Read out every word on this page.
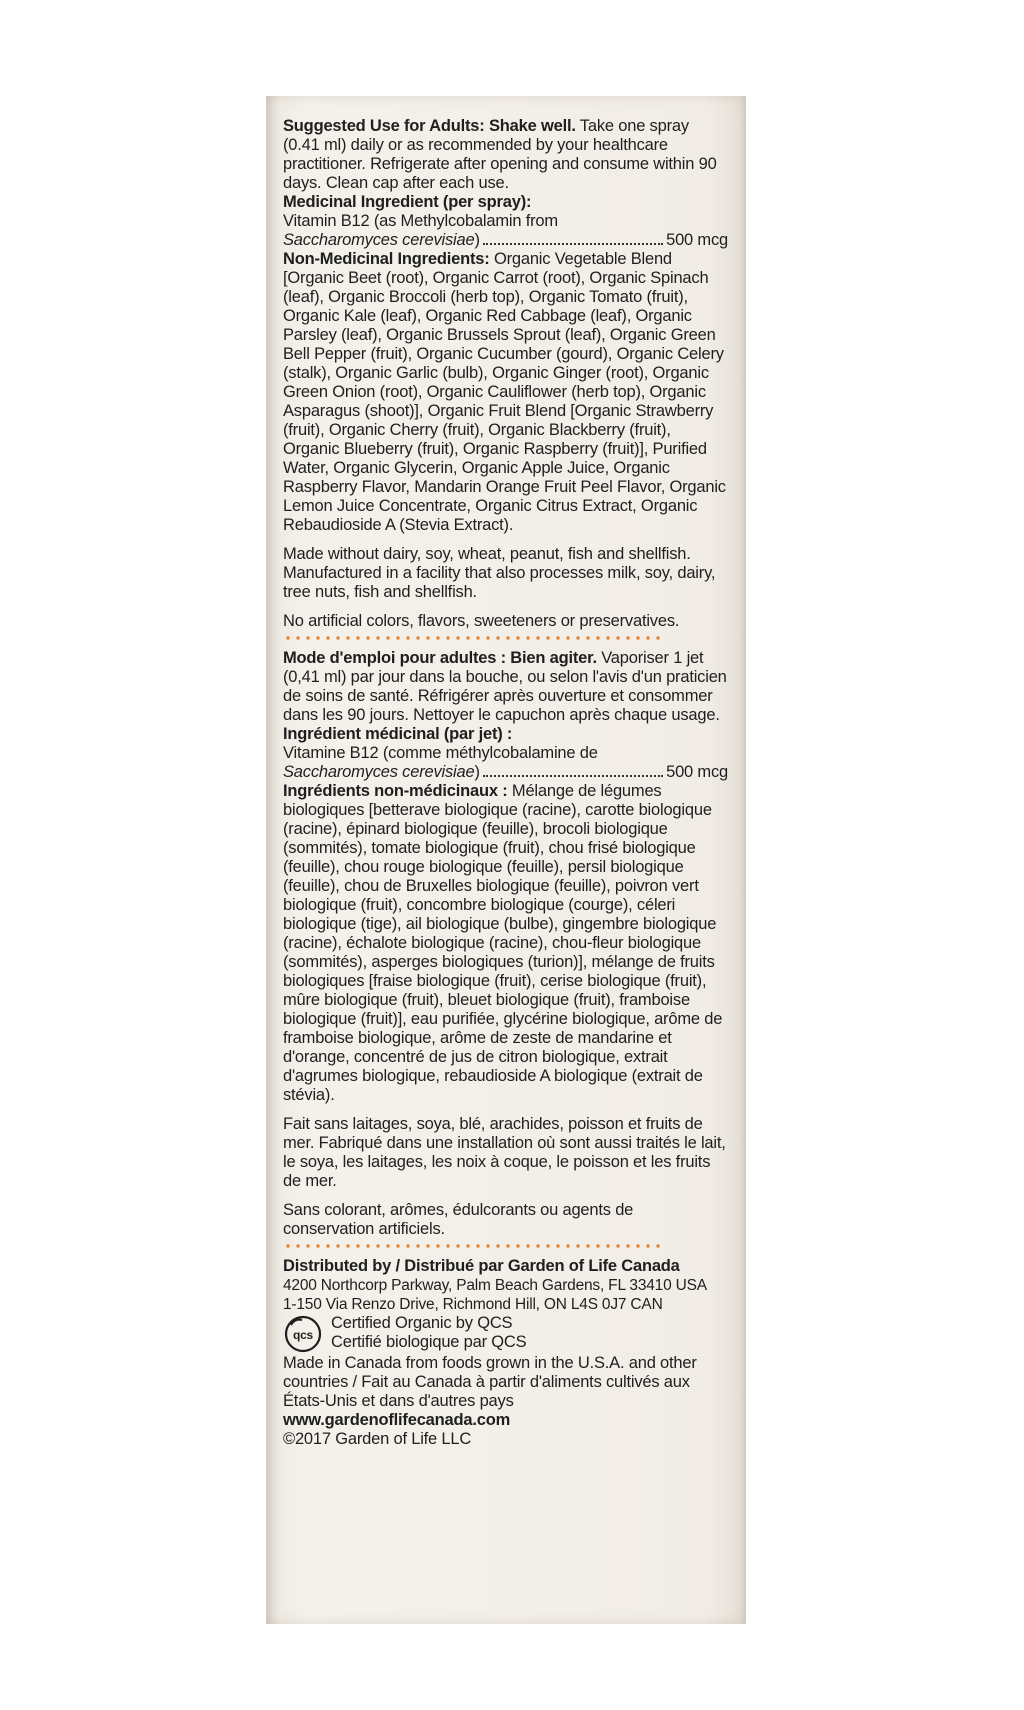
Suggested Use for Adults: Shake well. Take one spray (0.41 ml) daily or as recommended by your healthcare practitioner. Refrigerate after opening and consume within 90 days. Clean cap after each use.

Medicinal Ingredient (per spray):

Vitamin B12 (as Methylcobalamin from

Saccharomyces cerevisiae)	500 mcg

Non-Medicinal Ingredients: Organic Vegetable Blend [Organic Beet (root), Organic Carrot (root), Organic Spinach (leaf), Organic Broccoli (herb top), Organic Tomato (fruit), Organic Kale (leaf), Organic Red Cabbage (leaf), Organic Parsley (leaf), Organic Brussels Sprout (leaf), Organic Green Bell Pepper (fruit), Organic Cucumber (gourd), Organic Celery (stalk), Organic Garlic (bulb), Organic Ginger (root), Organic Green Onion (root), Organic Cauliflower (herb top), Organic Asparagus (shoot)], Organic Fruit Blend [Organic Strawberry (fruit), Organic Cherry (fruit), Organic Blackberry (fruit), Organic Blueberry (fruit), Organic Raspberry (fruit)], Purified Water, Organic Glycerin, Organic Apple Juice, Organic Raspberry Flavor, Mandarin Orange Fruit Peel Flavor, Organic Lemon Juice Concentrate, Organic Citrus Extract, Organic Rebaudioside A (Stevia Extract).

Made without dairy, soy, wheat, peanut, fish and shellfish. Manufactured in a facility that also processes milk, soy, dairy, tree nuts, fish and shellfish.

No artificial colors, flavors, sweeteners or preservatives.

Mode d'emploi pour adultes : Bien agiter. Vaporiser 1 jet (0,41 ml) par jour dans la bouche, ou selon l'avis d'un praticien de soins de santé. Réfrigérer après ouverture et consommer dans les 90 jours. Nettoyer le capuchon après chaque usage.

Ingrédient médicinal (par jet) :

Vitamine B12 (comme méthylcobalamine de

Saccharomyces cerevisiae)	500 mcg

Ingrédients non-médicinaux : Mélange de légumes biologiques [betterave biologique (racine), carotte biologique (racine), épinard biologique (feuille), brocoli biologique (sommités), tomate biologique (fruit), chou frisé biologique (feuille), chou rouge biologique (feuille), persil biologique (feuille), chou de Bruxelles biologique (feuille), poivron vert biologique (fruit), concombre biologique (courge), céleri biologique (tige), ail biologique (bulbe), gingembre biologique (racine), échalote biologique (racine), chou-fleur biologique (sommités), asperges biologiques (turion)], mélange de fruits biologiques [fraise biologique (fruit), cerise biologique (fruit), mûre biologique (fruit), bleuet biologique (fruit), framboise biologique (fruit)], eau purifiée, glycérine biologique, arôme de framboise biologique, arôme de zeste de mandarine et d'orange, concentré de jus de citron biologique, extrait d'agrumes biologique, rebaudioside A biologique (extrait de stévia).

Fait sans laitages, soya, blé, arachides, poisson et fruits de mer. Fabriqué dans une installation où sont aussi traités le lait, le soya, les laitages, les noix à coque, le poisson et les fruits de mer.

Sans colorant, arômes, édulcorants ou agents de conservation artificiels.

Distributed by / Distribué par Garden of Life Canada

4200 Northcorp Parkway, Palm Beach Gardens, FL 33410 USA

1-150 Via Renzo Drive, Richmond Hill, ON L4S 0J7 CAN

qcs

Certified Organic by QCS

Certifié biologique par QCS

Made in Canada from foods grown in the U.S.A. and other countries / Fait au Canada à partir d'aliments cultivés aux États-Unis et dans d'autres pays

www.gardenoflifecanada.com

©2017 Garden of Life LLC
